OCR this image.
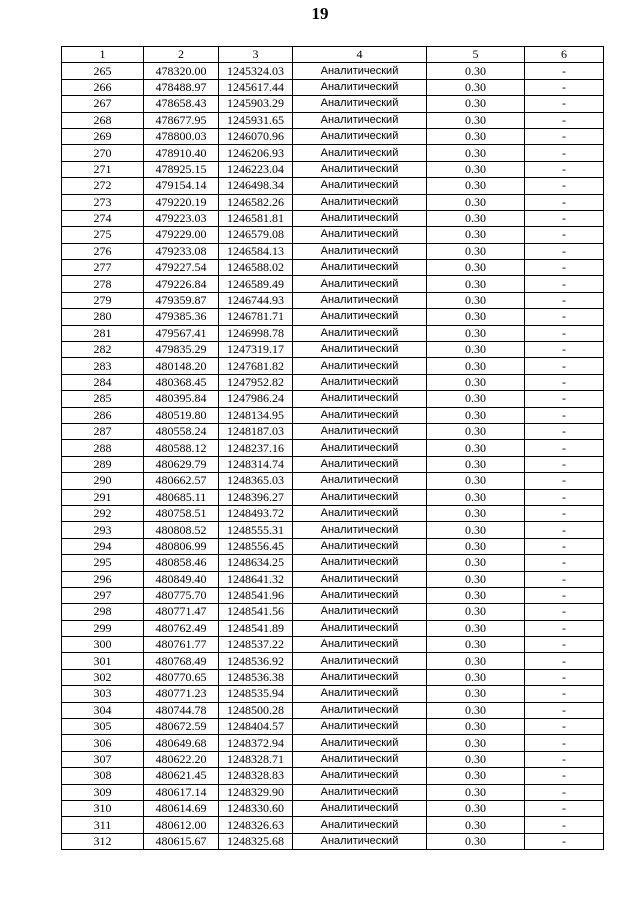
19
1	2	3	4	5	6
265	478320.00	1245324.03	Аналитический	0.30	-
266	478488.97	1245617.44	Аналитический	0.30	-
267	478658.43	1245903.29	Аналитический	0.30	-
268	478677.95	1245931.65	Аналитический	0.30	-
269	478800.03	1246070.96	Аналитический	0.30	-
270	478910.40	1246206.93	Аналитический	0.30	-
271	478925.15	1246223.04	Аналитический	0.30	-
272	479154.14	1246498.34	Аналитический	0.30	-
273	479220.19	1246582.26	Аналитический	0.30	-
274	479223.03	1246581.81	Аналитический	0.30	-
275	479229.00	1246579.08	Аналитический	0.30	-
276	479233.08	1246584.13	Аналитический	0.30	-
277	479227.54	1246588.02	Аналитический	0.30	-
278	479226.84	1246589.49	Аналитический	0.30	-
279	479359.87	1246744.93	Аналитический	0.30	-
280	479385.36	1246781.71	Аналитический	0.30	-
281	479567.41	1246998.78	Аналитический	0.30	-
282	479835.29	1247319.17	Аналитический	0.30	-
283	480148.20	1247681.82	Аналитический	0.30	-
284	480368.45	1247952.82	Аналитический	0.30	-
285	480395.84	1247986.24	Аналитический	0.30	-
286	480519.80	1248134.95	Аналитический	0.30	-
287	480558.24	1248187.03	Аналитический	0.30	-
288	480588.12	1248237.16	Аналитический	0.30	-
289	480629.79	1248314.74	Аналитический	0.30	-
290	480662.57	1248365.03	Аналитический	0.30	-
291	480685.11	1248396.27	Аналитический	0.30	-
292	480758.51	1248493.72	Аналитический	0.30	-
293	480808.52	1248555.31	Аналитический	0.30	-
294	480806.99	1248556.45	Аналитический	0.30	-
295	480858.46	1248634.25	Аналитический	0.30	-
296	480849.40	1248641.32	Аналитический	0.30	-
297	480775.70	1248541.96	Аналитический	0.30	-
298	480771.47	1248541.56	Аналитический	0.30	-
299	480762.49	1248541.89	Аналитический	0.30	-
300	480761.77	1248537.22	Аналитический	0.30	-
301	480768.49	1248536.92	Аналитический	0.30	-
302	480770.65	1248536.38	Аналитический	0.30	-
303	480771.23	1248535.94	Аналитический	0.30	-
304	480744.78	1248500.28	Аналитический	0.30	-
305	480672.59	1248404.57	Аналитический	0.30	-
306	480649.68	1248372.94	Аналитический	0.30	-
307	480622.20	1248328.71	Аналитический	0.30	-
308	480621.45	1248328.83	Аналитический	0.30	-
309	480617.14	1248329.90	Аналитический	0.30	-
310	480614.69	1248330.60	Аналитический	0.30	-
311	480612.00	1248326.63	Аналитический	0.30	-
312	480615.67	1248325.68	Аналитический	0.30	-
